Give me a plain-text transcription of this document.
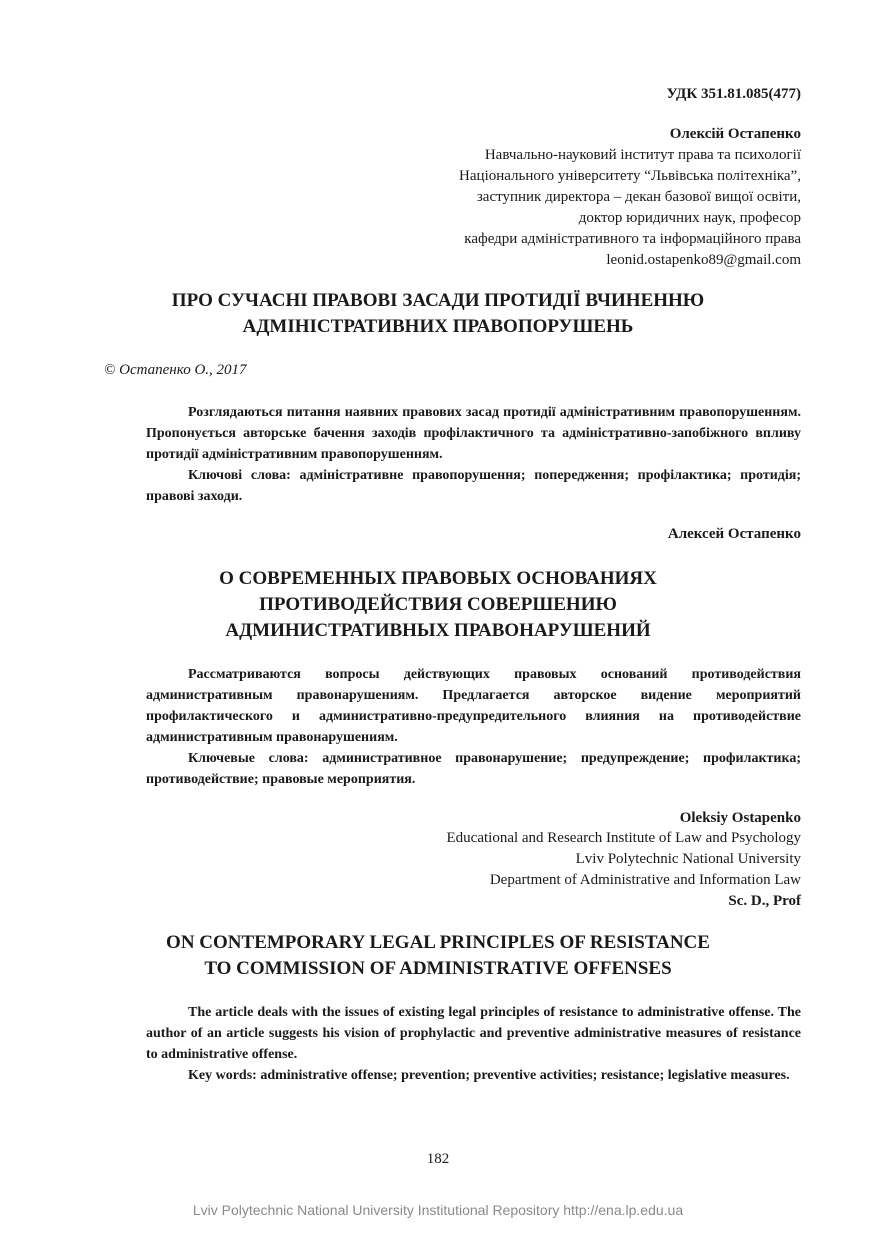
УДК 351.81.085(477)
Олексій Остапенко
Навчально-науковий інститут права та психології
Національного університету “Львівська політехніка”,
заступник директора – декан базової вищої освіти,
доктор юридичних наук, професор
кафедри адміністративного та інформаційного права
leonid.ostapenko89@gmail.com
ПРО СУЧАСНІ ПРАВОВІ ЗАСАДИ ПРОТИДІЇ ВЧИНЕННЮ
АДМІНІСТРАТИВНИХ ПРАВОПОРУШЕНЬ
© Остапенко О., 2017

Розглядаються питання наявних правових засад протидії адміністративним правопорушенням. Пропонується авторське бачення заходів профілактичного та адміністративно-запобіжного впливу протидії адміністративним правопорушенням.

Ключові слова: адміністративне правопорушення; попередження; профілактика; протидія; правові заходи.

Алексей Остапенко
О СОВРЕМЕННЫХ ПРАВОВЫХ ОСНОВАНИЯХ
ПРОТИВОДЕЙСТВИЯ СОВЕРШЕНИЮ
АДМИНИСТРАТИВНЫХ ПРАВОНАРУШЕНИЙ

Рассматриваются вопросы действующих правовых оснований противодействия административным правонарушениям. Предлагается авторское видение мероприятий профилактического и административно-предупредительного влияния на противодействие административным правонарушениям.

Ключевые слова: административное правонарушение; предупреждение; профилактика; противодействие; правовые мероприятия.

Oleksiy Ostapenko
Educational and Research Institute of Law and Psychology
Lviv Polytechnic National University
Department of Administrative and Information Law
Sc. D., Prof
ON CONTEMPORARY LEGAL PRINCIPLES OF RESISTANCE
TO COMMISSION OF ADMINISTRATIVE OFFENSES

The article deals with the issues of existing legal principles of resistance to administrative offense. The author of an article suggests his vision of prophylactic and preventive administrative measures of resistance to administrative offense.

Key words: administrative offense; prevention; preventive activities; resistance; legislative measures.

182
Lviv Polytechnic National University Institutional Repository http://ena.lp.edu.ua
